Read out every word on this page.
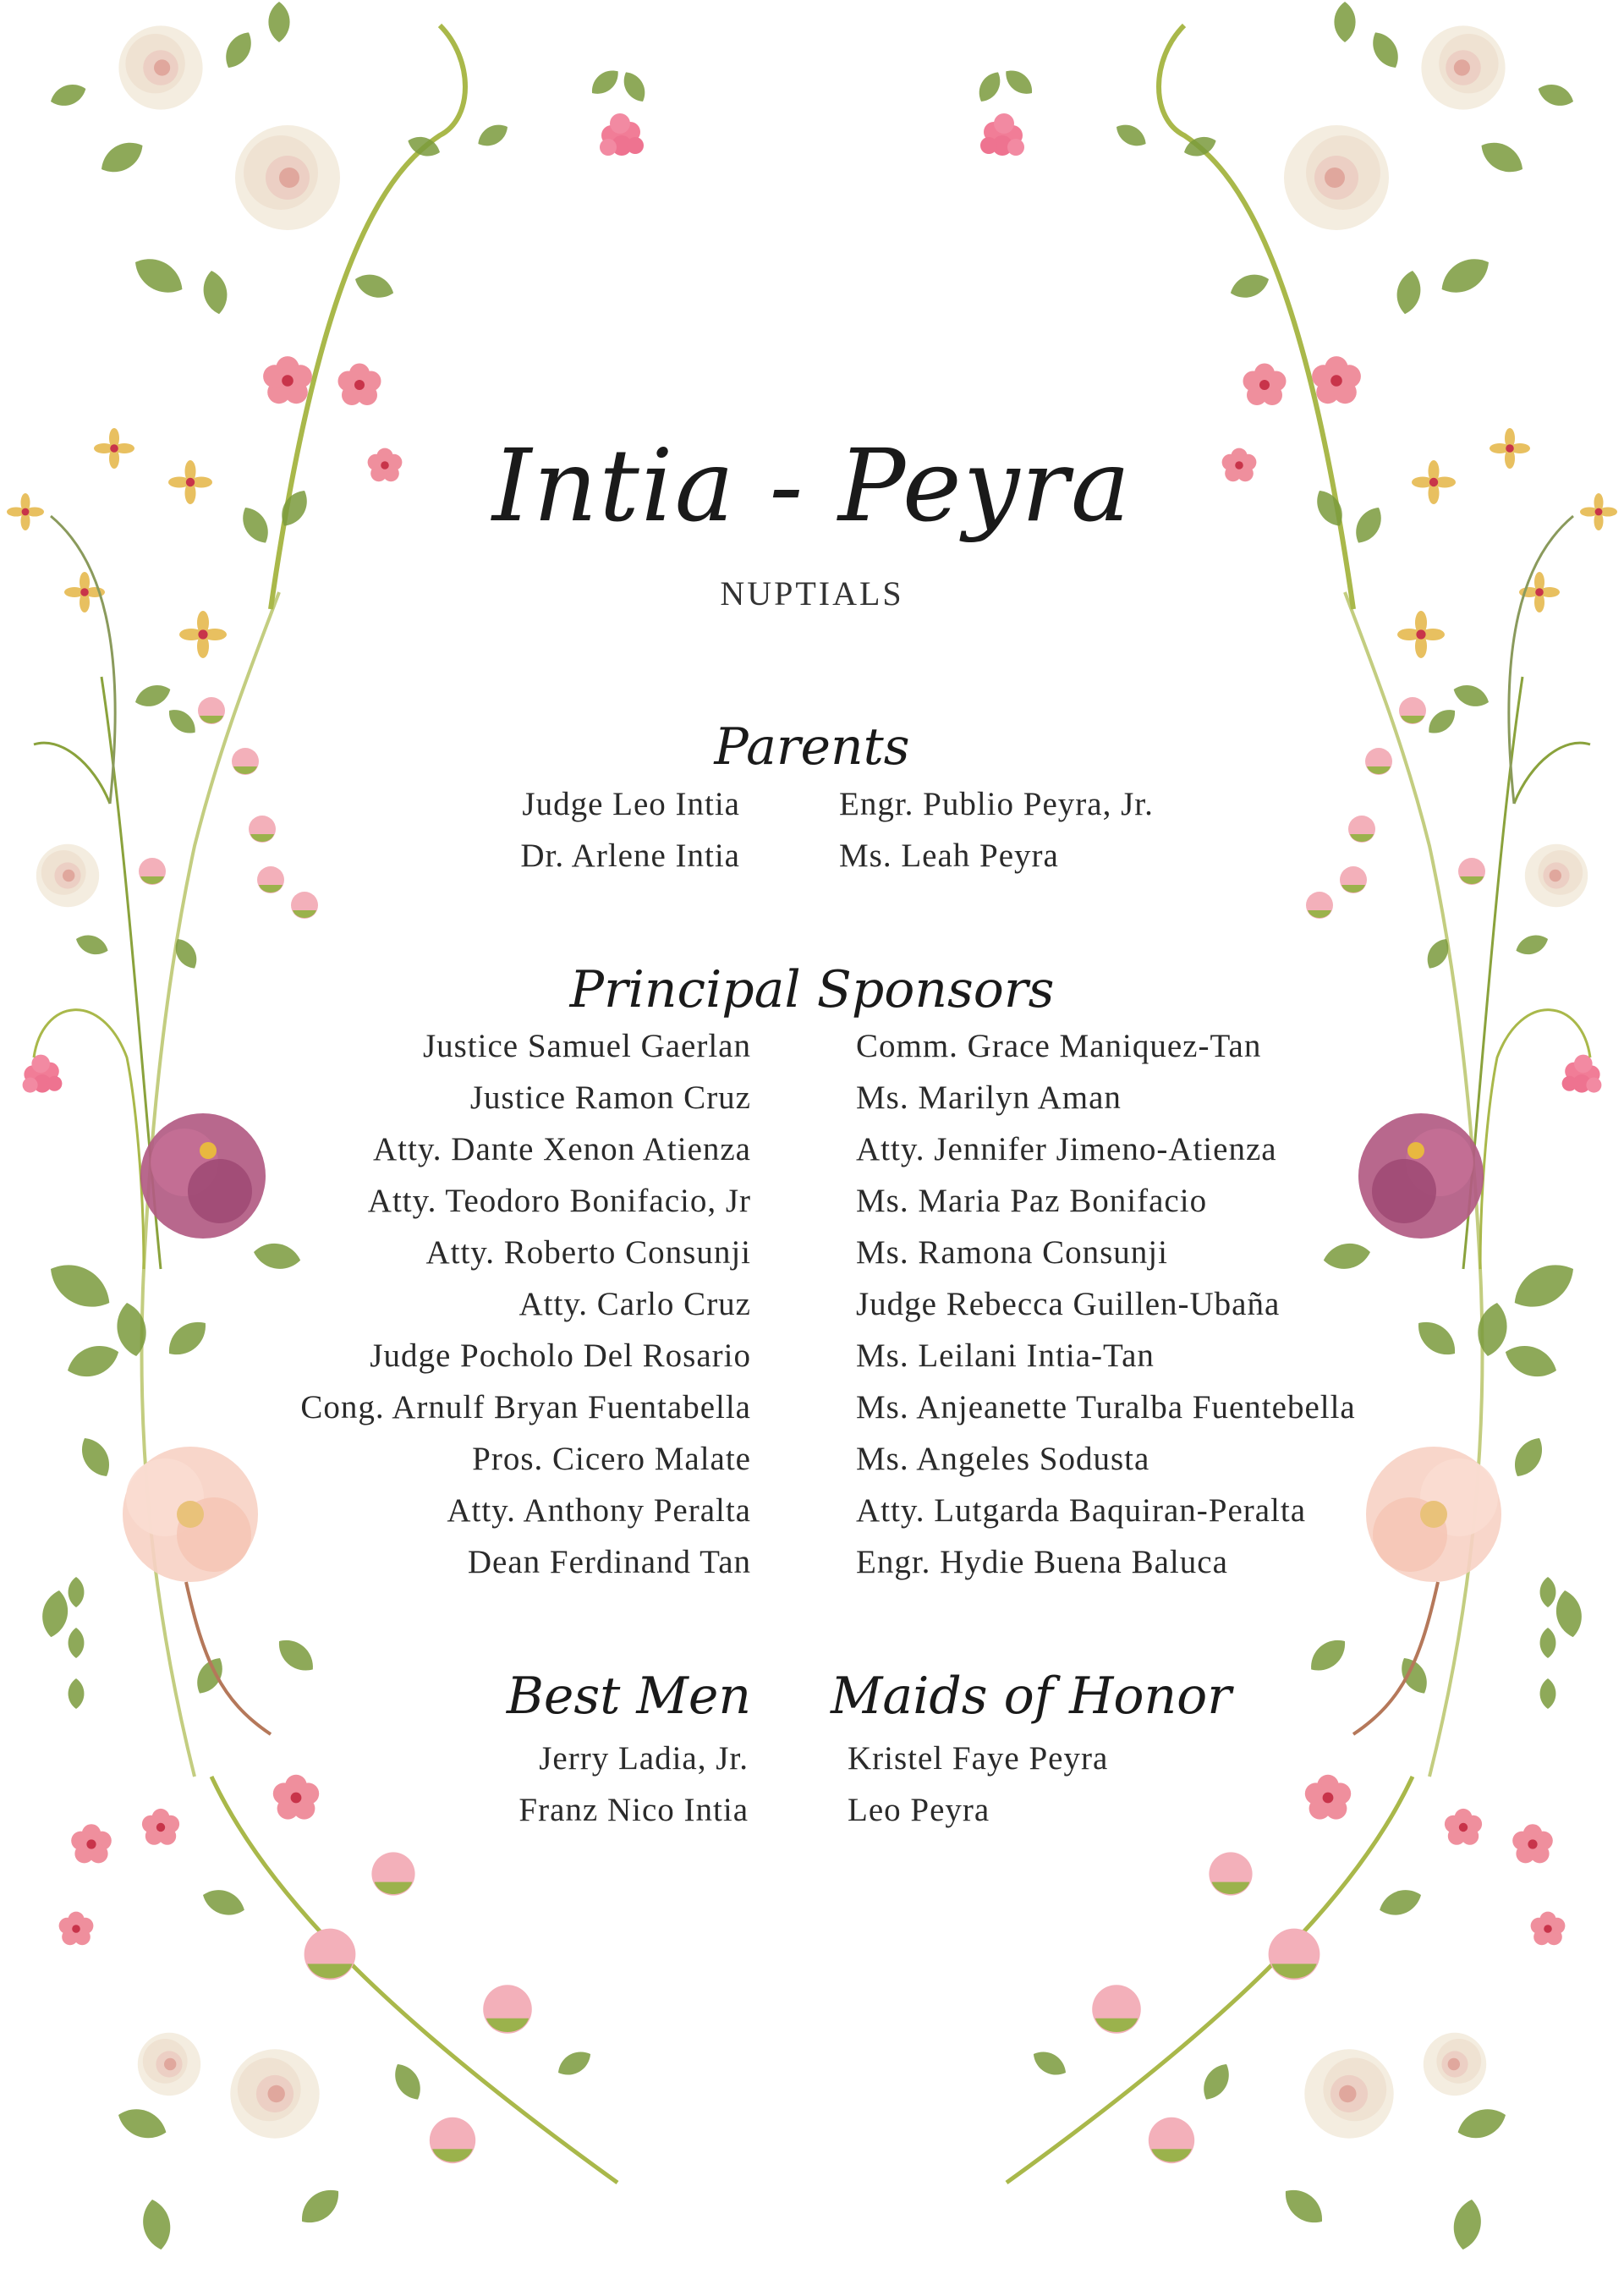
Intia - Peyra
NUPTIALS
Parents
Judge Leo Intia
Dr. Arlene Intia
Engr. Publio Peyra, Jr.
Ms. Leah Peyra
Principal Sponsors
Justice Samuel Gaerlan
Justice Ramon Cruz
Atty. Dante Xenon Atienza
Atty. Teodoro Bonifacio, Jr
Atty. Roberto Consunji
Atty. Carlo Cruz
Judge Pocholo Del Rosario
Cong. Arnulf Bryan Fuentabella
Pros. Cicero Malate
Atty. Anthony Peralta
Dean Ferdinand Tan
Comm. Grace Maniquez-Tan
Ms. Marilyn Aman
Atty. Jennifer Jimeno-Atienza
Ms. Maria Paz Bonifacio
Ms. Ramona Consunji
Judge Rebecca Guillen-Ubaña
Ms. Leilani Intia-Tan
Ms. Anjeanette Turalba Fuentebella
Ms. Angeles Sodusta
Atty. Lutgarda Baquiran-Peralta
Engr. Hydie Buena Baluca
Best Men Maids of Honor
Jerry Ladia, Jr.
Franz Nico Intia
Kristel Faye Peyra
Leo Peyra
